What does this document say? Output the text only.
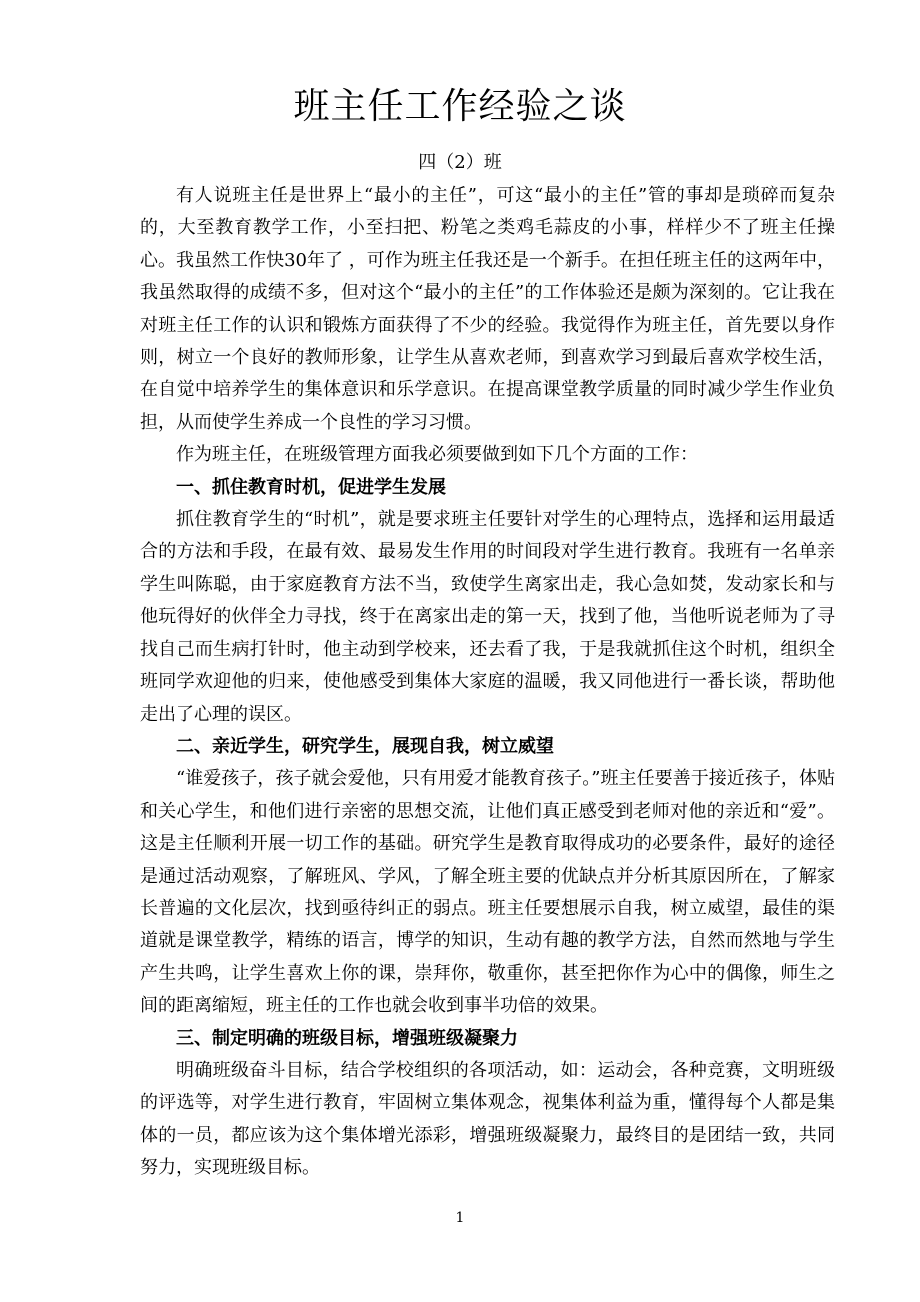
班主任工作经验之谈
四（2）班

有人说班主任是世界上“最小的主任”，可这“最小的主任”管的事却是琐碎而复杂的，大至教育教学工作，小至扫把、粉笔之类鸡毛蒜皮的小事，样样少不了班主任操心。我虽然工作快30年了 ，可作为班主任我还是一个新手。在担任班主任的这两年中，我虽然取得的成绩不多，但对这个“最小的主任”的工作体验还是颇为深刻的。它让我在对班主任工作的认识和锻炼方面获得了不少的经验。我觉得作为班主任，首先要以身作则，树立一个良好的教师形象，让学生从喜欢老师，到喜欢学习到最后喜欢学校生活，在自觉中培养学生的集体意识和乐学意识。在提高课堂教学质量的同时减少学生作业负担，从而使学生养成一个良性的学习习惯。

作为班主任，在班级管理方面我必须要做到如下几个方面的工作：

一、抓住教育时机，促进学生发展

抓住教育学生的“时机”，就是要求班主任要针对学生的心理特点，选择和运用最适合的方法和手段，在最有效、最易发生作用的时间段对学生进行教育。我班有一名单亲学生叫陈聪，由于家庭教育方法不当，致使学生离家出走，我心急如焚，发动家长和与他玩得好的伙伴全力寻找，终于在离家出走的第一天，找到了他，当他听说老师为了寻找自己而生病打针时，他主动到学校来，还去看了我，于是我就抓住这个时机，组织全班同学欢迎他的归来，使他感受到集体大家庭的温暖，我又同他进行一番长谈，帮助他走出了心理的误区。

二、亲近学生，研究学生，展现自我，树立威望

“谁爱孩子，孩子就会爱他，只有用爱才能教育孩子。”班主任要善于接近孩子，体贴和关心学生，和他们进行亲密的思想交流，让他们真正感受到老师对他的亲近和“爱”。这是主任顺利开展一切工作的基础。研究学生是教育取得成功的必要条件，最好的途径是通过活动观察，了解班风、学风，了解全班主要的优缺点并分析其原因所在，了解家长普遍的文化层次，找到亟待纠正的弱点。班主任要想展示自我，树立威望，最佳的渠道就是课堂教学，精练的语言，博学的知识，生动有趣的教学方法，自然而然地与学生产生共鸣，让学生喜欢上你的课，崇拜你，敬重你，甚至把你作为心中的偶像，师生之间的距离缩短，班主任的工作也就会收到事半功倍的效果。

三、制定明确的班级目标，增强班级凝聚力

明确班级奋斗目标，结合学校组织的各项活动，如：运动会，各种竞赛，文明班级的评选等，对学生进行教育，牢固树立集体观念，视集体利益为重，懂得每个人都是集体的一员，都应该为这个集体增光添彩，增强班级凝聚力，最终目的是团结一致，共同努力，实现班级目标。

1
